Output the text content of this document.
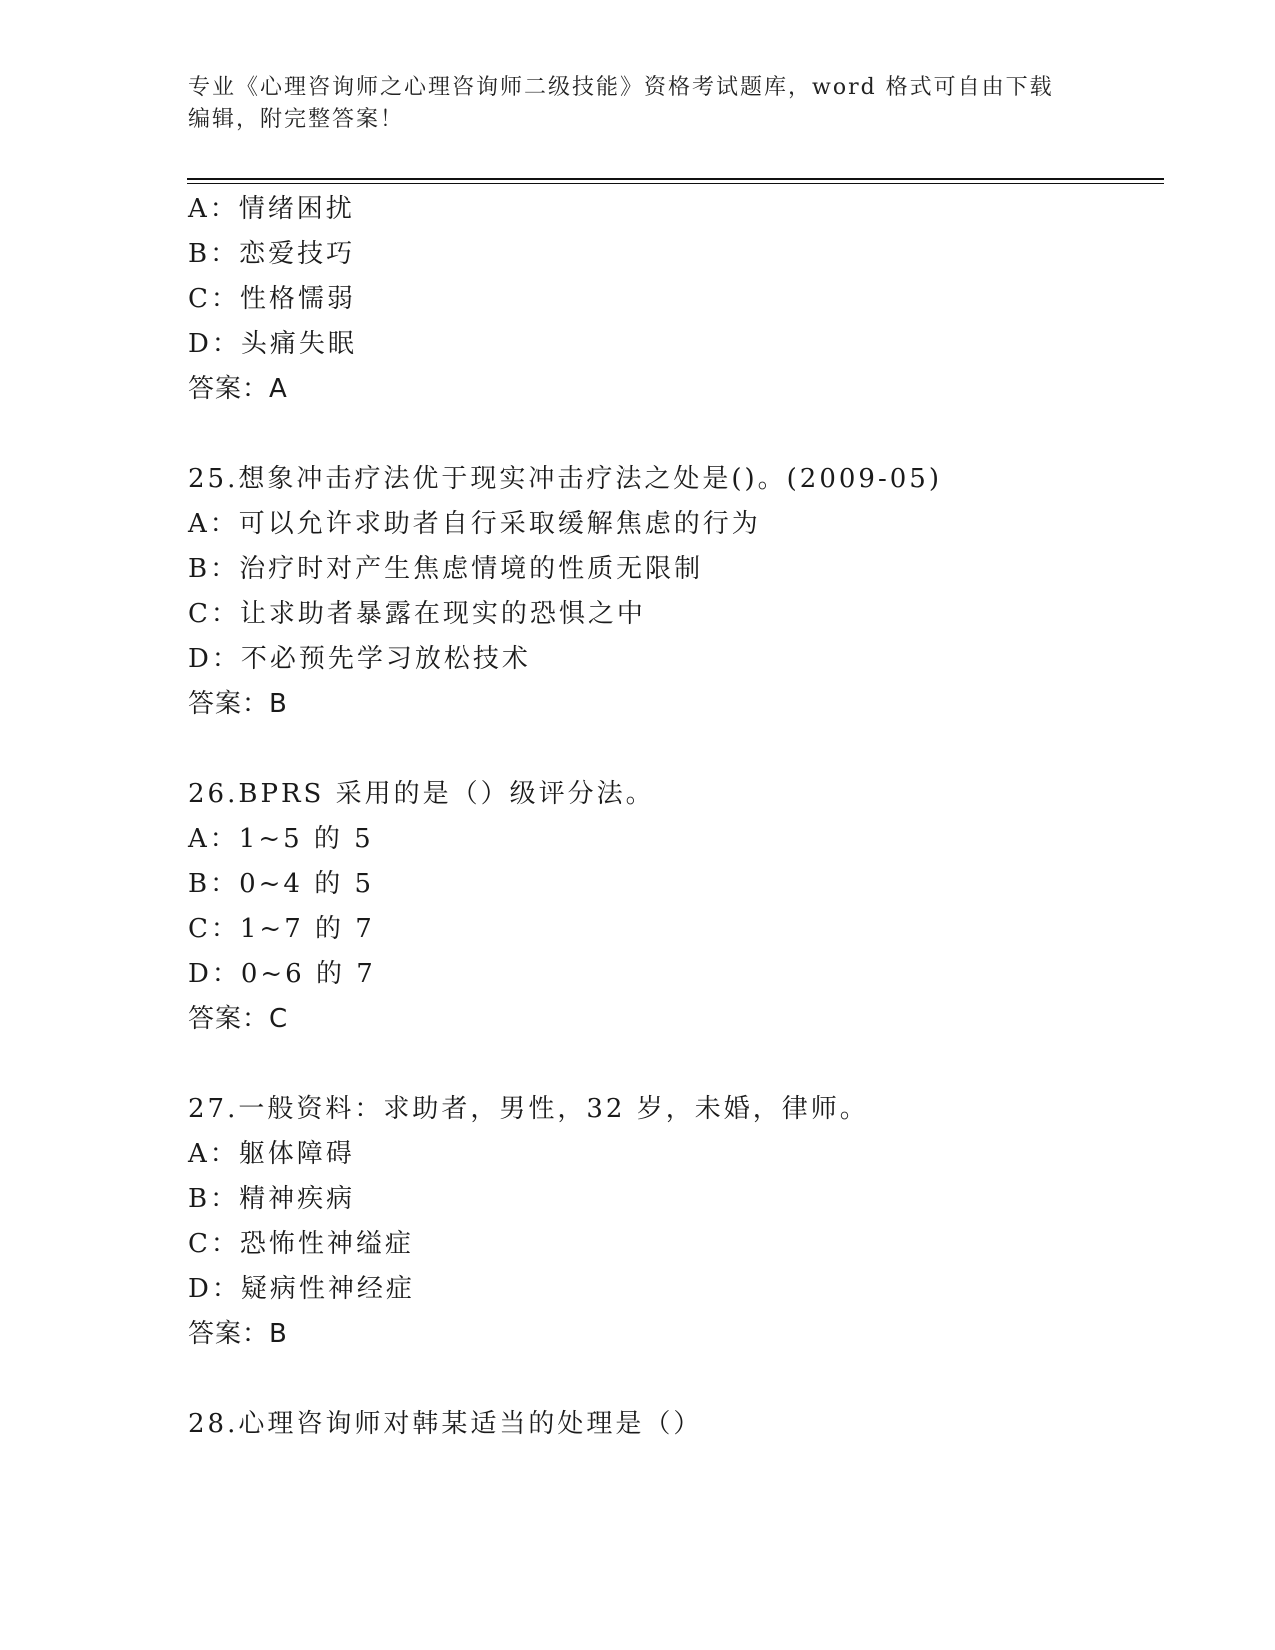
专业《心理咨询师之心理咨询师二级技能》资格考试题库，word 格式可自由下载
编辑，附完整答案！
A：情绪困扰
B：恋爱技巧
C：性格懦弱
D：头痛失眠
答案：A
25.想象冲击疗法优于现实冲击疗法之处是()。(2009-05)
A：可以允许求助者自行采取缓解焦虑的行为
B：治疗时对产生焦虑情境的性质无限制
C：让求助者暴露在现实的恐惧之中
D：不必预先学习放松技术
答案：B
26.BPRS 采用的是（）级评分法。
A：1~5 的 5
B：0~4 的 5
C：1~7 的 7
D：0~6 的 7
答案：C
27.一般资料：求助者，男性，32 岁，未婚，律师。
A：躯体障碍
B：精神疾病
C：恐怖性神缢症
D：疑病性神经症
答案：B
28.心理咨询师对韩某适当的处理是（）
